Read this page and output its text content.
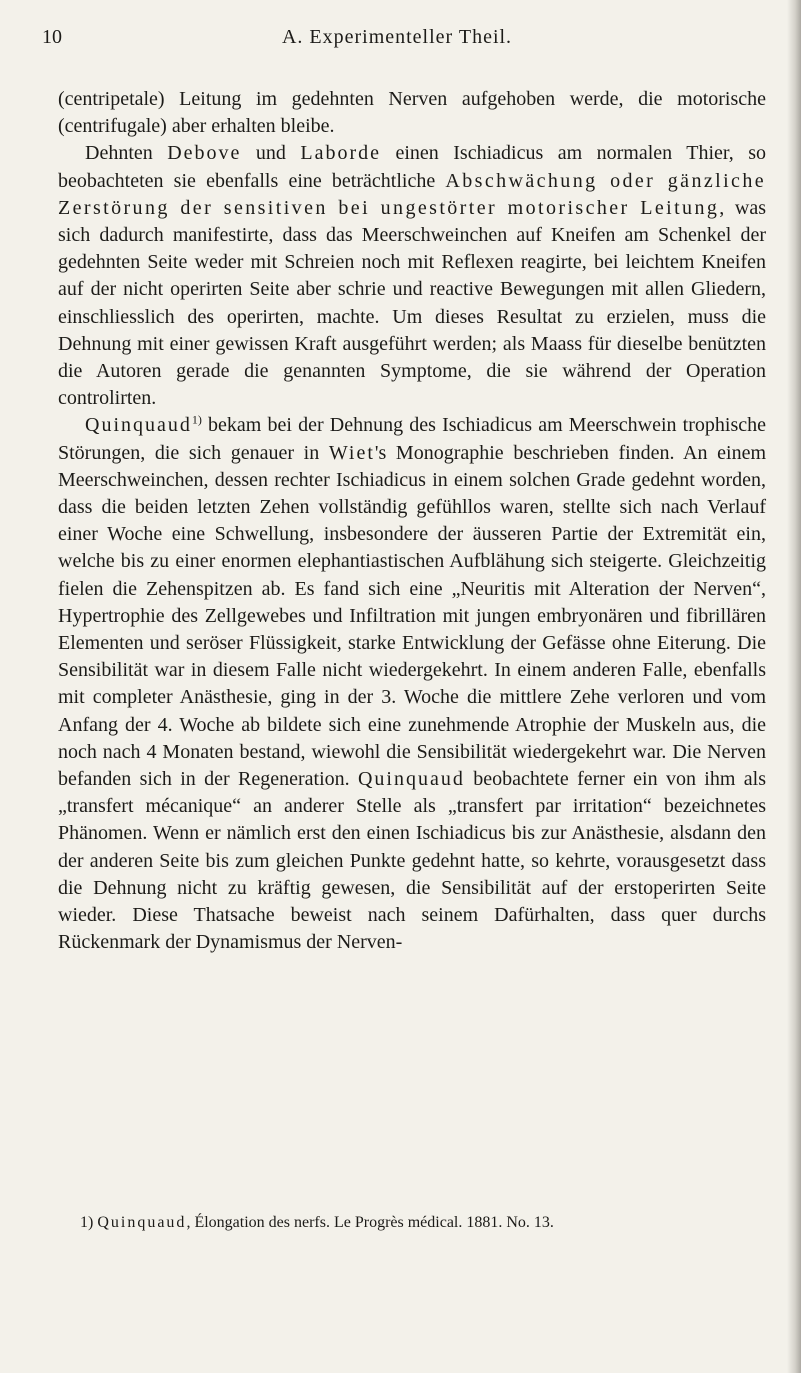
10	A. Experimenteller Theil.

(centripetale) Leitung im gedehnten Nerven aufgehoben werde, die motorische (centrifugale) aber erhalten bleibe.

Dehnten Debove und Laborde einen Ischiadicus am normalen Thier, so beobachteten sie ebenfalls eine beträchtliche Abschwächung oder gänzliche Zerstörung der sensitiven bei ungestörter motorischer Leitung, was sich dadurch manifestirte, dass das Meerschweinchen auf Kneifen am Schenkel der gedehnten Seite weder mit Schreien noch mit Reflexen reagirte, bei leichtem Kneifen auf der nicht operirten Seite aber schrie und reactive Bewegungen mit allen Gliedern, einschliesslich des operirten, machte. Um dieses Resultat zu erzielen, muss die Dehnung mit einer gewissen Kraft ausgeführt werden; als Maass für dieselbe benützten die Autoren gerade die genannten Symptome, die sie während der Operation controlirten.

Quinquaud$^{1)}$ bekam bei der Dehnung des Ischiadicus am Meerschwein trophische Störungen, die sich genauer in Wiet's Monographie beschrieben finden. An einem Meerschweinchen, dessen rechter Ischiadicus in einem solchen Grade gedehnt worden, dass die beiden letzten Zehen vollständig gefühllos waren, stellte sich nach Verlauf einer Woche eine Schwellung, insbesondere der äusseren Partie der Extremität ein, welche bis zu einer enormen elephantiastischen Aufblähung sich steigerte. Gleichzeitig fielen die Zehenspitzen ab. Es fand sich eine „Neuritis mit Alteration der Nerven“, Hypertrophie des Zellgewebes und Infiltration mit jungen embryonären und fibrillären Elementen und seröser Flüssigkeit, starke Entwicklung der Gefässe ohne Eiterung. Die Sensibilität war in diesem Falle nicht wiedergekehrt. In einem anderen Falle, ebenfalls mit completer Anästhesie, ging in der 3. Woche die mittlere Zehe verloren und vom Anfang der 4. Woche ab bildete sich eine zunehmende Atrophie der Muskeln aus, die noch nach 4 Monaten bestand, wiewohl die Sensibilität wiedergekehrt war. Die Nerven befanden sich in der Regeneration. Quinquaud beobachtete ferner ein von ihm als „transfert mécanique“ an anderer Stelle als „transfert par irritation“ bezeichnetes Phänomen. Wenn er nämlich erst den einen Ischiadicus bis zur Anästhesie, alsdann den der anderen Seite bis zum gleichen Punkte gedehnt hatte, so kehrte, vorausgesetzt dass die Dehnung nicht zu kräftig gewesen, die Sensibilität auf der erstoperirten Seite wieder. Diese Thatsache beweist nach seinem Dafürhalten, dass quer durchs Rückenmark der Dynamismus der Nerven-

1) Quinquaud, Élongation des nerfs. Le Progrès médical. 1881. No. 13.
